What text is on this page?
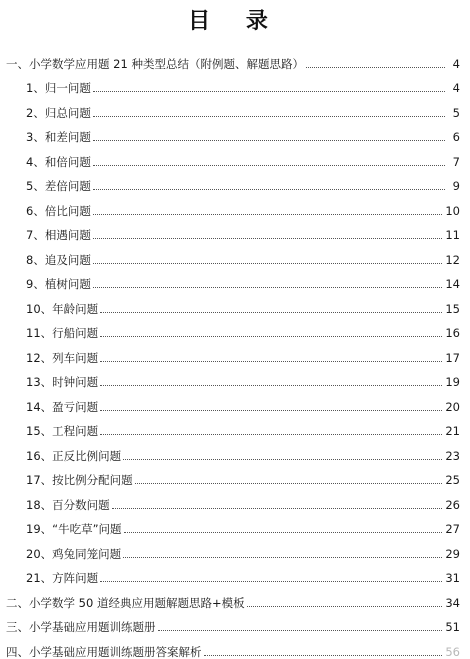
目 录
一、小学数学应用题 21 种类型总结（附例题、解题思路）	4
1、归一问题	4
2、归总问题	5
3、和差问题	6
4、和倍问题	7
5、差倍问题	9
6、倍比问题	10
7、相遇问题	11
8、追及问题	12
9、植树问题	14
10、年龄问题	15
11、行船问题	16
12、列车问题	17
13、时钟问题	19
14、盈亏问题	20
15、工程问题	21
16、正反比例问题	23
17、按比例分配问题	25
18、百分数问题	26
19、“牛吃草”问题	27
20、鸡兔同笼问题	29
21、方阵问题	31
二、小学数学 50 道经典应用题解题思路+模板	34
三、小学基础应用题训练题册	51
四、小学基础应用题训练题册答案解析	56
